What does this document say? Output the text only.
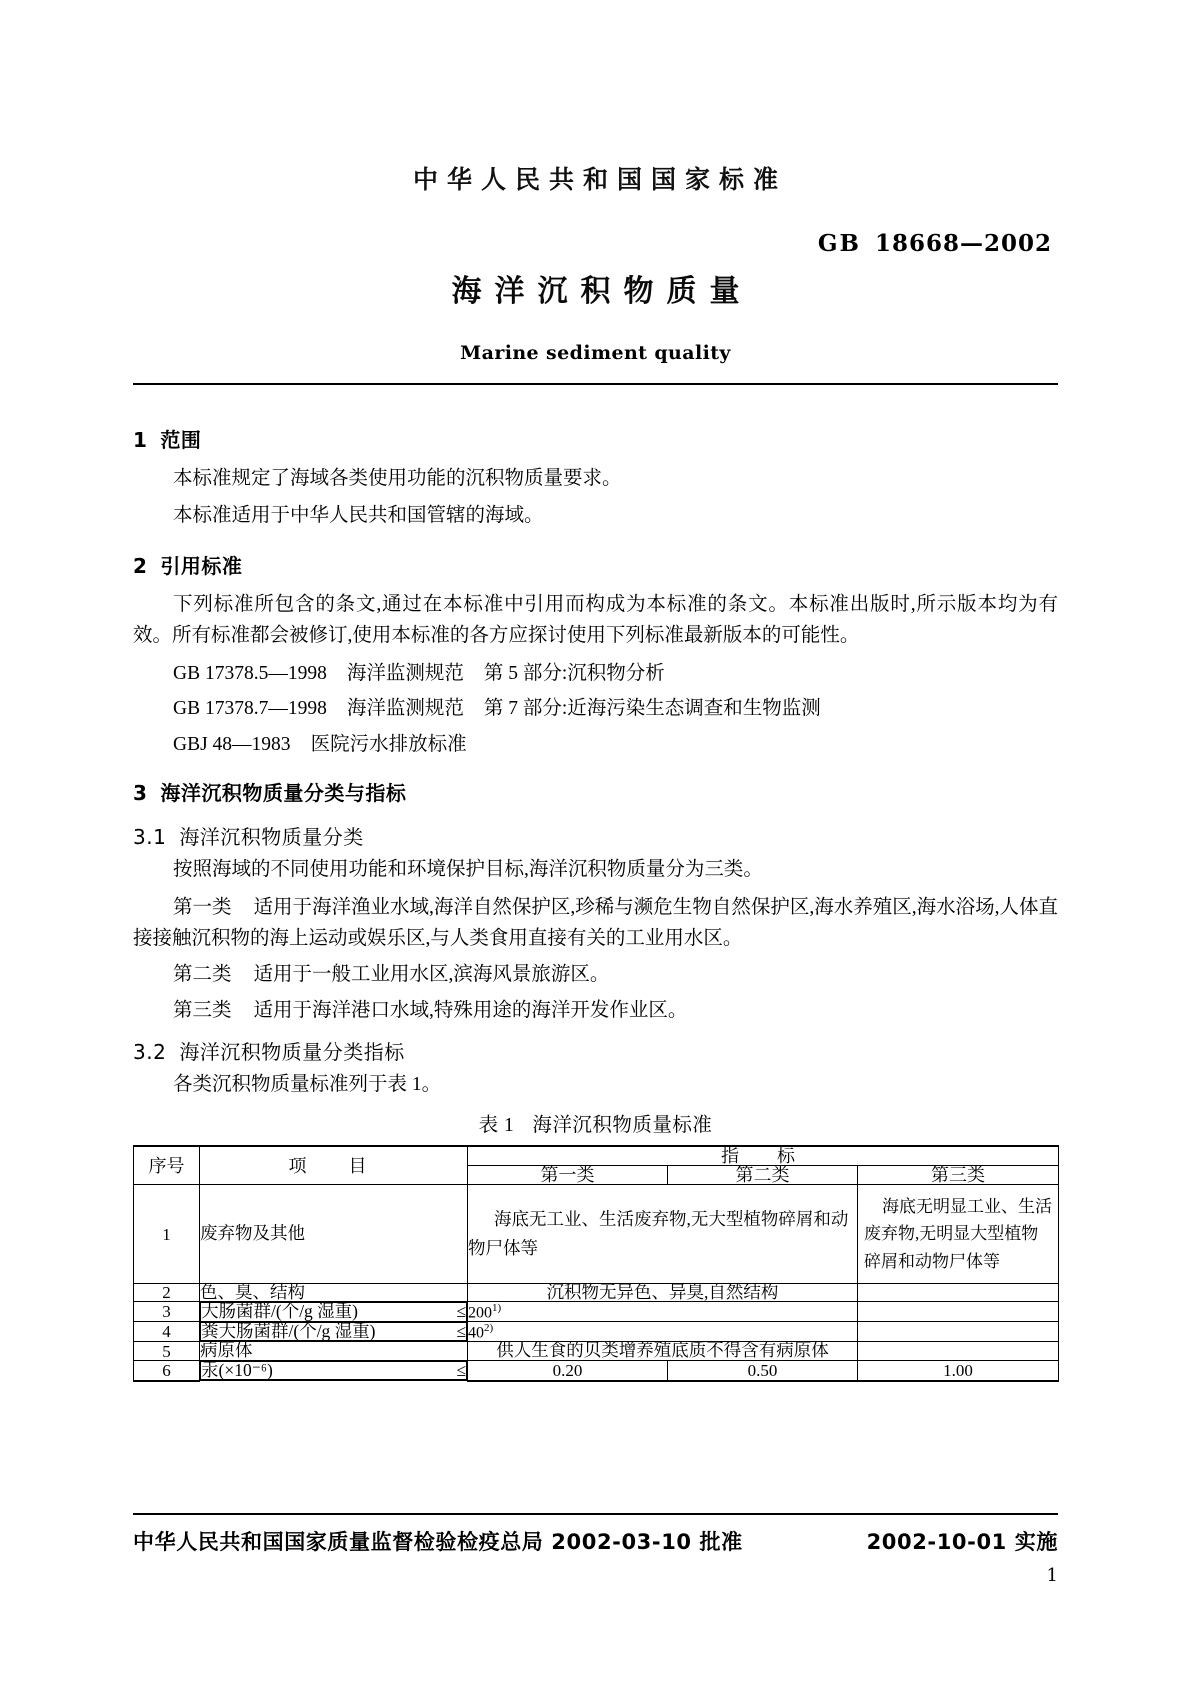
中华人民共和国国家标准
GB 18668—2002
海洋沉积物质量
Marine sediment quality
1 范围
本标准规定了海域各类使用功能的沉积物质量要求。
本标准适用于中华人民共和国管辖的海域。
2 引用标准
下列标准所包含的条文,通过在本标准中引用而构成为本标准的条文。本标准出版时,所示版本均为有效。所有标准都会被修订,使用本标准的各方应探讨使用下列标准最新版本的可能性。
GB 17378.5—1998 海洋监测规范 第 5 部分:沉积物分析
GB 17378.7—1998 海洋监测规范 第 7 部分:近海污染生态调查和生物监测
GBJ 48—1983 医院污水排放标准
3 海洋沉积物质量分类与指标
3.1 海洋沉积物质量分类
按照海域的不同使用功能和环境保护目标,海洋沉积物质量分为三类。
第一类 适用于海洋渔业水域,海洋自然保护区,珍稀与濒危生物自然保护区,海水养殖区,海水浴场,人体直接接触沉积物的海上运动或娱乐区,与人类食用直接有关的工业用水区。
第二类 适用于一般工业用水区,滨海风景旅游区。
第三类 适用于海洋港口水域,特殊用途的海洋开发作业区。
3.2 海洋沉积物质量分类指标
各类沉积物质量标准列于表 1。
表 1 海洋沉积物质量标准
序号	项　目	指　标		
		第一类	第二类	第三类
1	废弃物及其他	海底无工业、生活废弃物,无大型植物碎屑和动物尸体等		海底无明显工业、生活废弃物,无明显大型植物碎屑和动物尸体等
2	色、臭、结构	沉积物无异色、异臭,自然结构		
3	大肠菌群/(个/g 湿重)	≤ $200^{1)}$	
4	粪大肠菌群/(个/g 湿重)	≤ $40^{2)}$	
5	病原体	供人生食的贝类增养殖底质不得含有病原体		
6	汞(×10⁻⁶)	≤	0.20	0.50	1.00
中华人民共和国国家质量监督检验检疫总局 2002‐03‐10 批准	2002‐10‐01 实施
1
